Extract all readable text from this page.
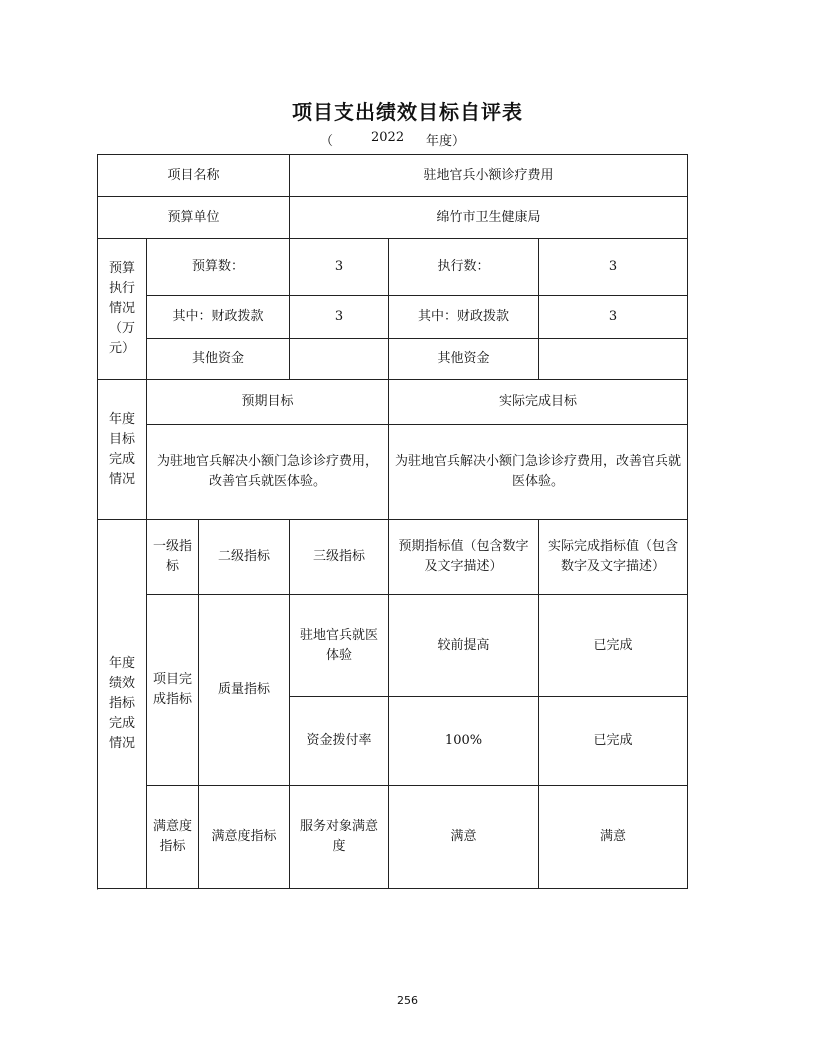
项目支出绩效目标自评表
（	2022 年度）
项目名称			驻地官兵小额诊疗费用		
预算单位			绵竹市卫生健康局		
预算执行情况（万元）	预算数：		3	执行数：	3
	其中：财政拨款		3	其中：财政拨款	3
	其他资金			其他资金	
年度目标完成情况	预期目标			实际完成目标	
	为驻地官兵解决小额门急诊诊疗费用，改善官兵就医体验。			为驻地官兵解决小额门急诊诊疗费用，改善官兵就医体验。	
年度绩效指标完成情况	一级指标	二级指标	三级指标	预期指标值（包含数字及文字描述）	实际完成指标值（包含数字及文字描述）
	项目完成指标	质量指标	驻地官兵就医体验	较前提高	已完成
			资金拨付率	100%	已完成
	满意度指标	满意度指标	服务对象满意度	满意	满意

256
